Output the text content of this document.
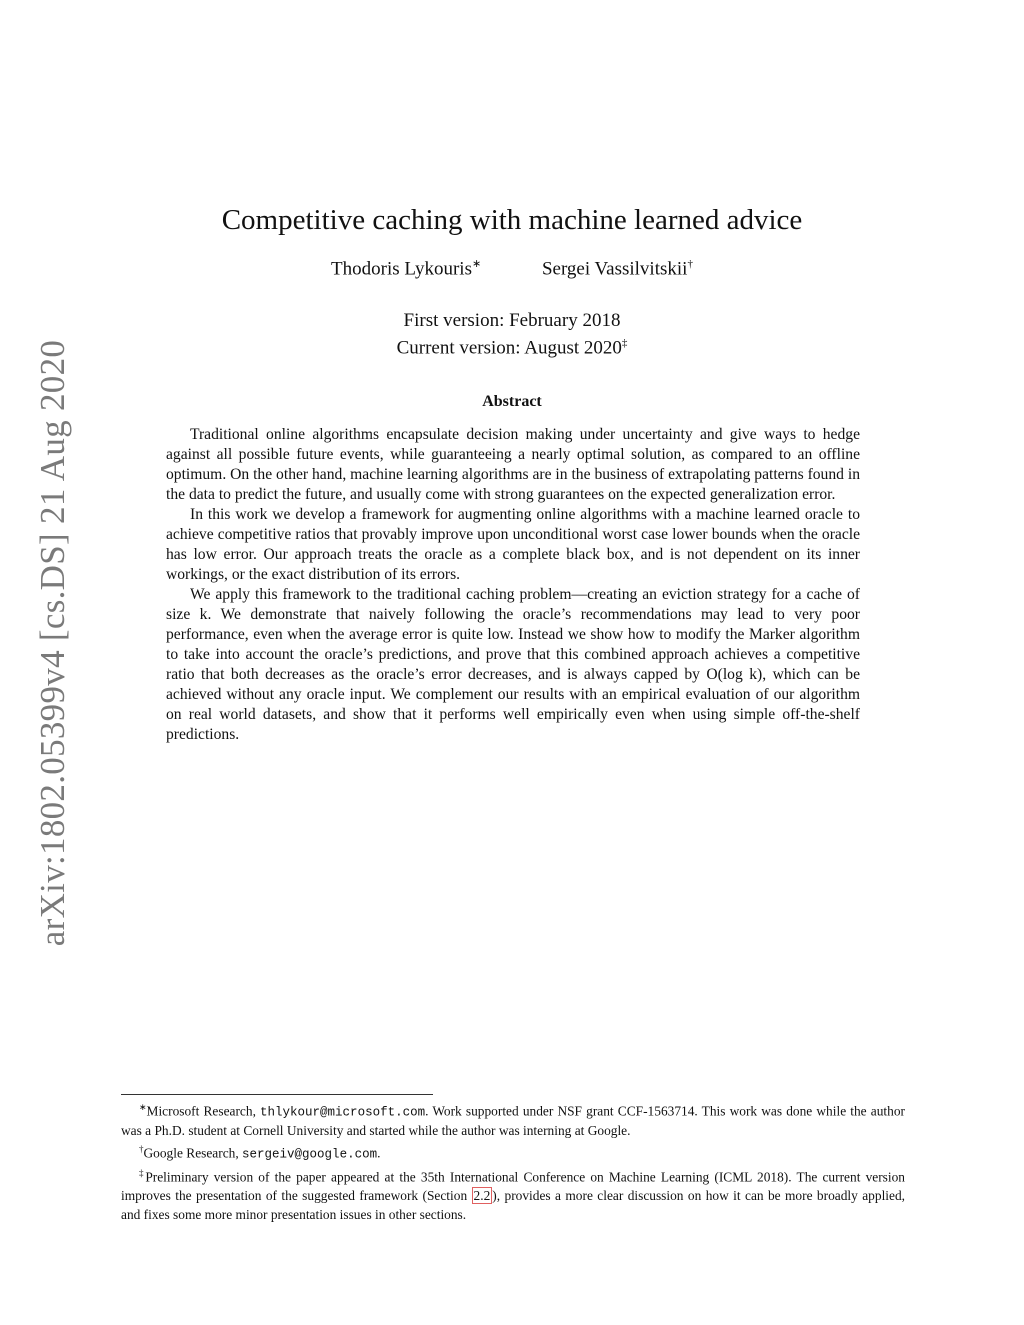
arXiv:1802.05399v4 [cs.DS] 21 Aug 2020
Competitive caching with machine learned advice
Thodoris Lykouris∗	Sergei Vassilvitskii†
First version: February 2018
Current version: August 2020‡
Abstract

Traditional online algorithms encapsulate decision making under uncertainty and give ways to hedge against all possible future events, while guaranteeing a nearly optimal solution, as compared to an offline optimum. On the other hand, machine learning algorithms are in the business of extrapolating patterns found in the data to predict the future, and usually come with strong guarantees on the expected generalization error.

In this work we develop a framework for augmenting online algorithms with a machine learned oracle to achieve competitive ratios that provably improve upon unconditional worst case lower bounds when the oracle has low error. Our approach treats the oracle as a complete black box, and is not dependent on its inner workings, or the exact distribution of its errors.

We apply this framework to the traditional caching problem—creating an eviction strategy for a cache of size k. We demonstrate that naively following the oracle’s recommendations may lead to very poor performance, even when the average error is quite low. Instead we show how to modify the Marker algorithm to take into account the oracle’s predictions, and prove that this combined approach achieves a competitive ratio that both decreases as the oracle’s error decreases, and is always capped by O(log k), which can be achieved without any oracle input. We complement our results with an empirical evaluation of our algorithm on real world datasets, and show that it performs well empirically even when using simple off-the-shelf predictions.

∗Microsoft Research, thlykour@microsoft.com. Work supported under NSF grant CCF-1563714. This work was done while the author was a Ph.D. student at Cornell University and started while the author was interning at Google.

†Google Research, sergeiv@google.com.

‡Preliminary version of the paper appeared at the 35th International Conference on Machine Learning (ICML 2018). The current version improves the presentation of the suggested framework (Section 2.2 ), provides a more clear discussion on how it can be more broadly applied, and fixes some more minor presentation issues in other sections.
